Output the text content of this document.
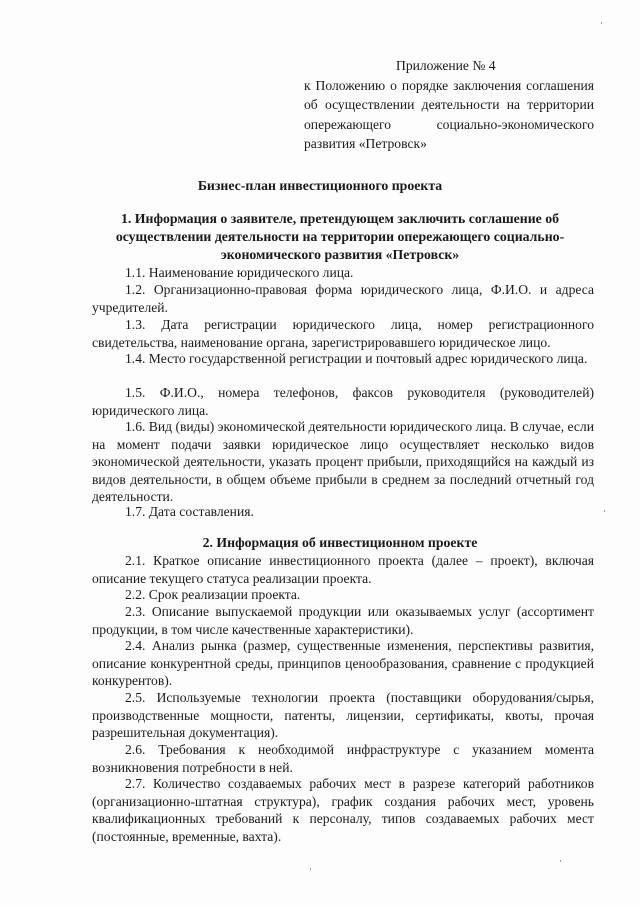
Приложение № 4
к Положению о порядке заключения соглашения об осуществлении деятельности на территории опережающего социально-экономического развития «Петровск»
Бизнес-план инвестиционного проекта
1. Информация о заявителе, претендующем заключить соглашение об осуществлении деятельности на территории опережающего социально-экономического развития «Петровск»
1.1. Наименование юридического лица.
1.2. Организационно-правовая форма юридического лица, Ф.И.О. и адреса учредителей.
1.3. Дата регистрации юридического лица, номер регистрационного свидетельства, наименование органа, зарегистрировавшего юридическое лицо.
1.4. Место государственной регистрации и почтовый адрес юридического лица.
1.5. Ф.И.О., номера телефонов, факсов руководителя (руководителей) юридического лица.
1.6. Вид (виды) экономической деятельности юридического лица. В случае, если на момент подачи заявки юридическое лицо осуществляет несколько видов экономической деятельности, указать процент прибыли, приходящийся на каждый из видов деятельности, в общем объеме прибыли в среднем за последний отчетный год деятельности.
1.7. Дата составления.
2. Информация об инвестиционном проекте
2.1. Краткое описание инвестиционного проекта (далее – проект), включая описание текущего статуса реализации проекта.
2.2. Срок реализации проекта.
2.3. Описание выпускаемой продукции или оказываемых услуг (ассортимент продукции, в том числе качественные характеристики).
2.4. Анализ рынка (размер, существенные изменения, перспективы развития, описание конкурентной среды, принципов ценообразования, сравнение с продукцией конкурентов).
2.5. Используемые технологии проекта (поставщики оборудования/сырья, производственные мощности, патенты, лицензии, сертификаты, квоты, прочая разрешительная документация).
2.6. Требования к необходимой инфраструктуре с указанием момента возникновения потребности в ней.
2.7. Количество создаваемых рабочих мест в разрезе категорий работников (организационно-штатная структура), график создания рабочих мест, уровень квалификационных требований к персоналу, типов создаваемых рабочих мест (постоянные, временные, вахта).
